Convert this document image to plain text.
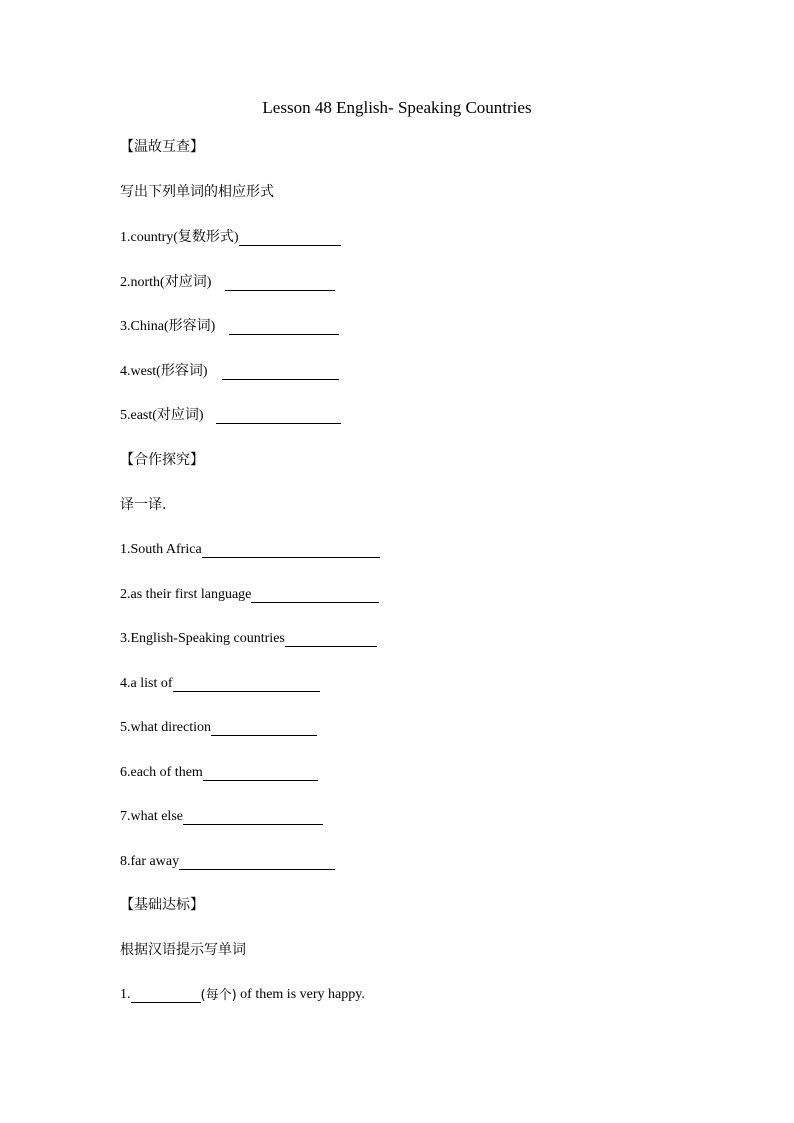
Lesson 48 English- Speaking Countries
【温故互查】
写出下列单词的相应形式
1.country(复数形式)
2.north(对应词)
3.China(形容词)
4.west(形容词)
5.east(对应词)
【合作探究】
译一译.
1.South Africa
2.as their first language
3.English-Speaking countries
4.a list of
5.what direction
6.each of them
7.what else
8.far away
【基础达标】
根据汉语提示写单词
1.	(每个) of them is very happy.
